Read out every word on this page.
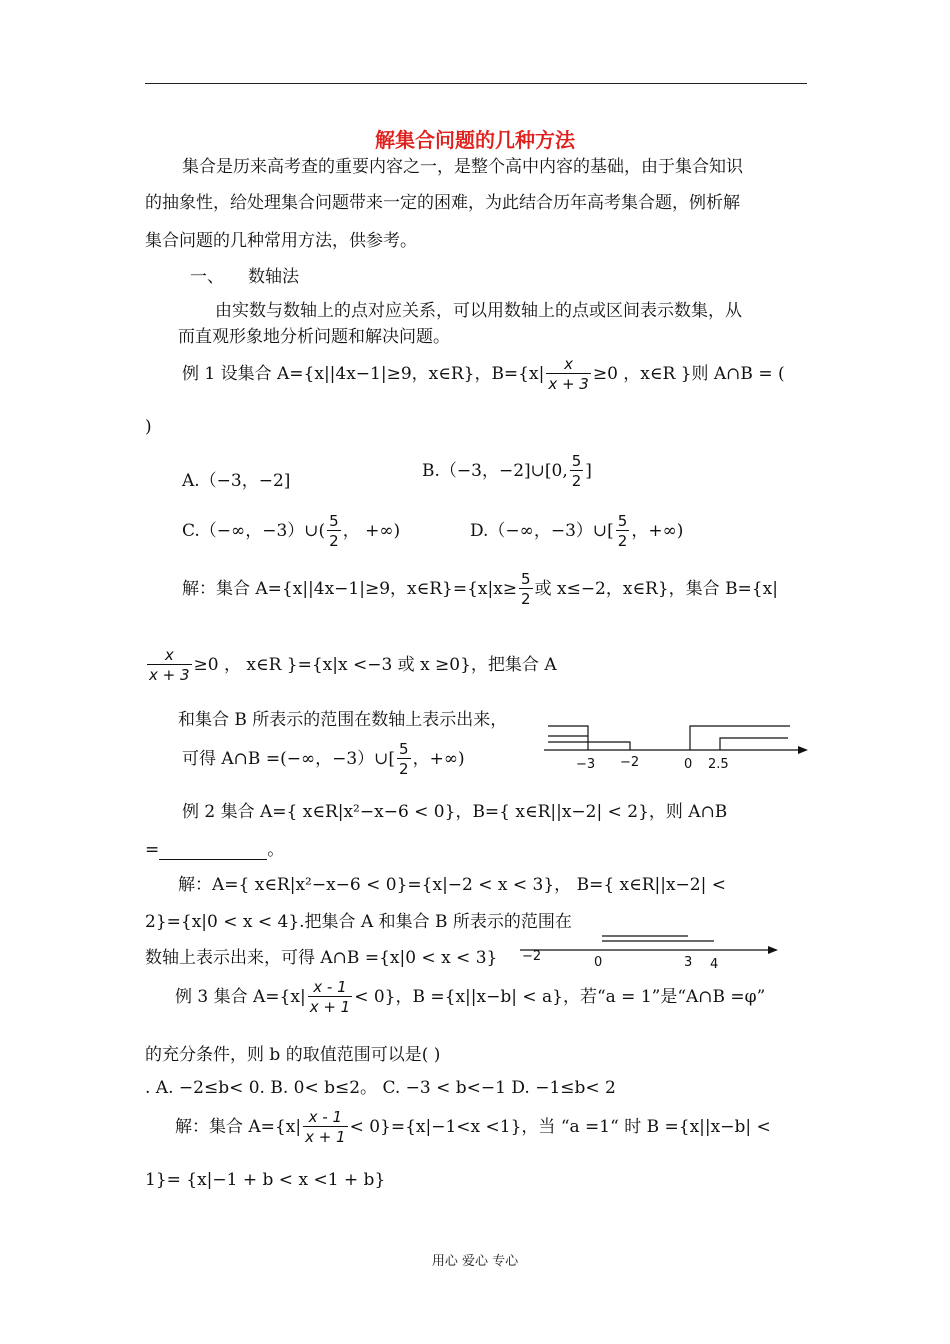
解集合问题的几种方法
集合是历来高考查的重要内容之一，是整个高中内容的基础，由于集合知识
的抽象性，给处理集合问题带来一定的困难，为此结合历年高考集合题，例析解
集合问题的几种常用方法，供参考。
一、 数轴法
由实数与数轴上的点对应关系，可以用数轴上的点或区间表示数集，从
而直观形象地分析问题和解决问题。
例 1 设集合 A={x||4x−1|≥9，x∈R}，$B=\{x| \frac{x}{x + 3} \ge 0$ ，x∈R }则 A∩B = (
)
A.（−3，−2]	B.（−3，−2]∪[0, $\frac{5}{2}$ ]
C.（−∞，−3）∪( $\frac{5}{2}$ ， +∞)	D.（−∞，−3）∪[ $\frac{5}{2}$ ，+∞)
解：集合 A={x||4x−1|≥9，x∈R}={x|x≥ $\frac{5}{2}$ 或 x≤−2，x∈R}，集合 B={x|
$\frac{x}{x + 3} \ge 0$ ， x∈R }={x|x <−3 或 x ≥0}，把集合 A
和集合 B 所表示的范围在数轴上表示出来，
可得 A∩B =(−∞，−3）∪[ $\frac{5}{2}$ ，+∞)	−3 −2	0 2.5
例 2 集合 A={ x∈R|x²−x−6 < 0}，B={ x∈R||x−2| < 2}，则 A∩B
=	。
解：A={ x∈R|x²−x−6 < 0}={x|−2 < x < 3}， B={ x∈R||x−2| <
2}={x|0 < x < 4}.把集合 A 和集合 B 所表示的范围在
数轴上表示出来，可得 A∩B ={x|0 < x < 3} −2	0	3 4
例 3 集合 $A=\{x| \frac{x - 1}{x + 1} < 0\}$，B ={x||x−b| < a}，若“a = 1”是“A∩B =φ”
的充分条件，则 b 的取值范围可以是( )
. A. −2≤b< 0. B. 0< b≤2。 C. −3 < b<−1 D. −1≤b< 2
解：集合 $A=\{x| \frac{x - 1}{x + 1} < 0\}=\{x|-1<x <1\}$，当 “a =1“ 时 B ={x||x−b| <
1}= {x|−1 + b < x <1 + b}
用心 爱心 专心
